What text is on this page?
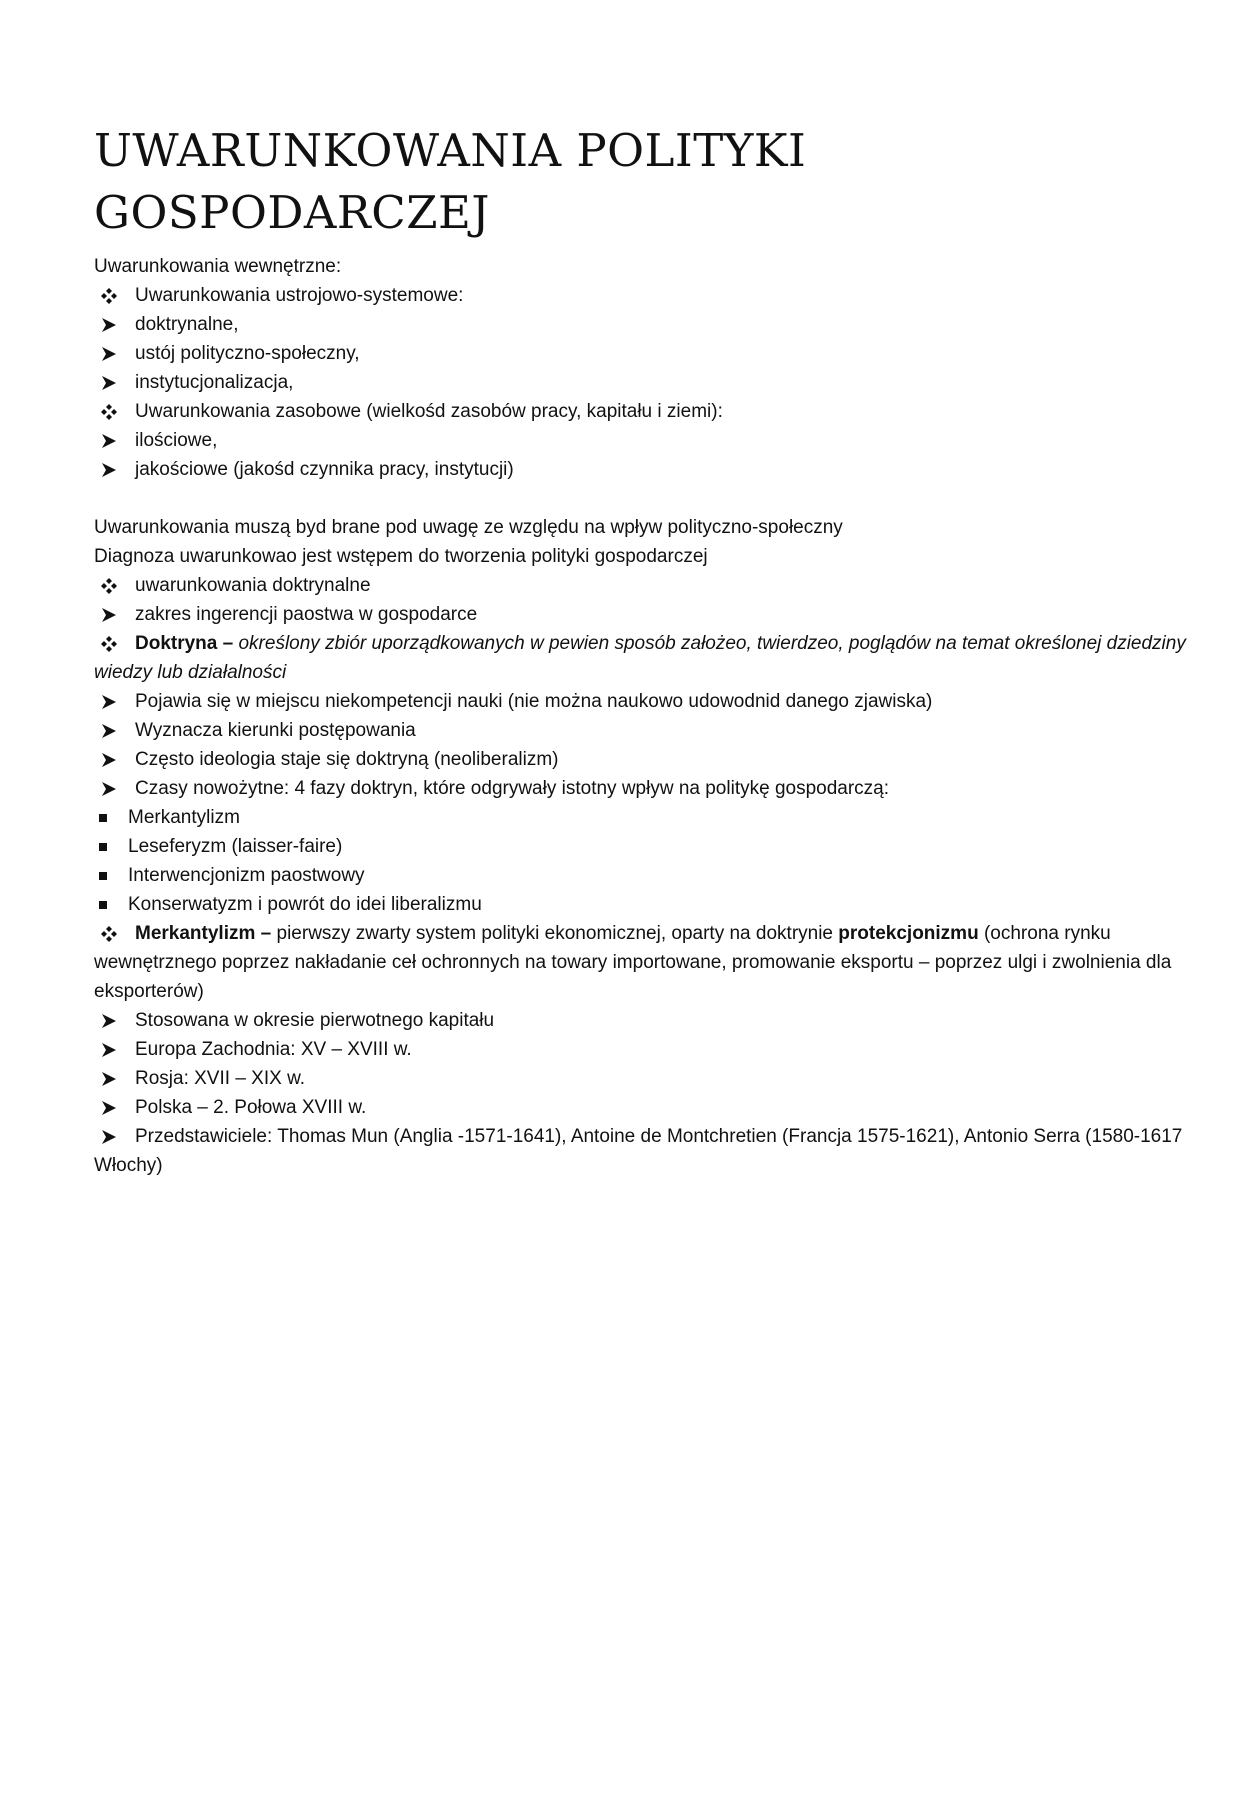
UWARUNKOWANIA POLITYKI GOSPODARCZEJ
Uwarunkowania wewnętrzne:
Uwarunkowania ustrojowo-systemowe:
doktrynalne,
ustój polityczno-społeczny,
instytucjonalizacja,
Uwarunkowania zasobowe (wielkośd zasobów pracy, kapitału i ziemi):
ilościowe,
jakościowe (jakośd czynnika pracy, instytucji)
Uwarunkowania muszą byd brane pod uwagę ze względu na wpływ polityczno-społeczny
Diagnoza uwarunkowao jest wstępem do tworzenia polityki gospodarczej
uwarunkowania doktrynalne
zakres ingerencji paostwa w gospodarce
Doktryna – określony zbiór uporządkowanych w pewien sposób założeo, twierdzeo, poglądów na temat określonej dziedziny wiedzy lub działalności
Pojawia się w miejscu niekompetencji nauki (nie można naukowo udowodnid danego zjawiska)
Wyznacza kierunki postępowania
Często ideologia staje się doktryną (neoliberalizm)
Czasy nowożytne: 4 fazy doktryn, które odgrywały istotny wpływ na politykę gospodarczą:
Merkantylizm
Leseferyzm (laisser-faire)
Interwencjonizm paostwowy
Konserwatyzm i powrót do idei liberalizmu
Merkantylizm – pierwszy zwarty system polityki ekonomicznej, oparty na doktrynie protekcjonizmu (ochrona rynku wewnętrznego poprzez nakładanie ceł ochronnych na towary importowane, promowanie eksportu – poprzez ulgi i zwolnienia dla eksporterów)
Stosowana w okresie pierwotnego kapitału
Europa Zachodnia: XV – XVIII w.
Rosja: XVII – XIX w.
Polska – 2. Połowa XVIII w.
Przedstawiciele: Thomas Mun (Anglia -1571-1641), Antoine de Montchretien (Francja 1575-1621), Antonio Serra (1580-1617 Włochy)
